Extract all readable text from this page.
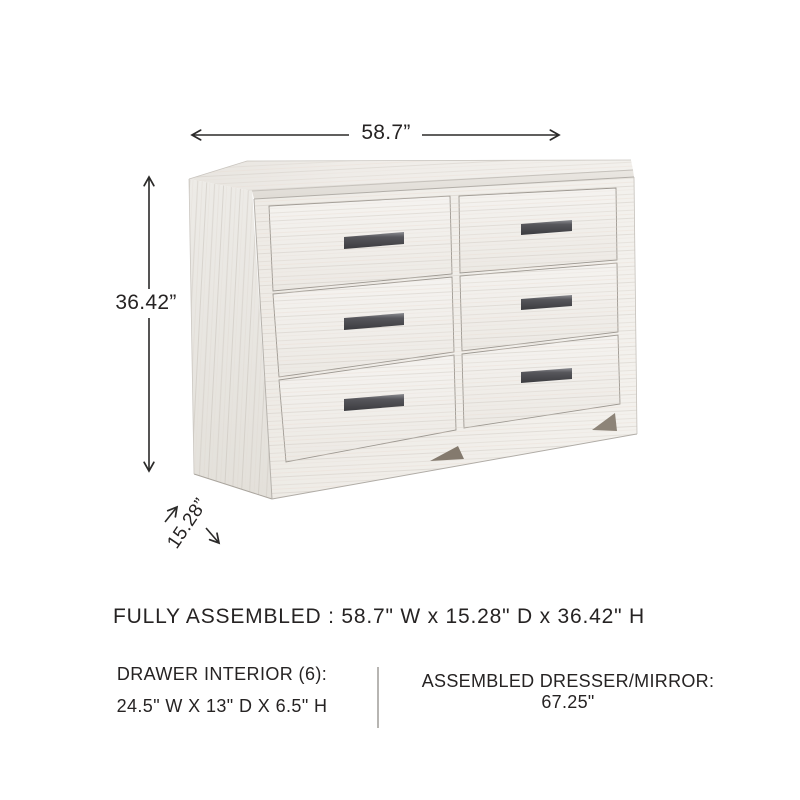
58.7”
36.42”
15.28”
FULLY ASSEMBLED : 58.7" W x 15.28" D x 36.42" H
DRAWER INTERIOR (6):
24.5" W X 13" D X 6.5" H
ASSEMBLED DRESSER/MIRROR: 67.25"
